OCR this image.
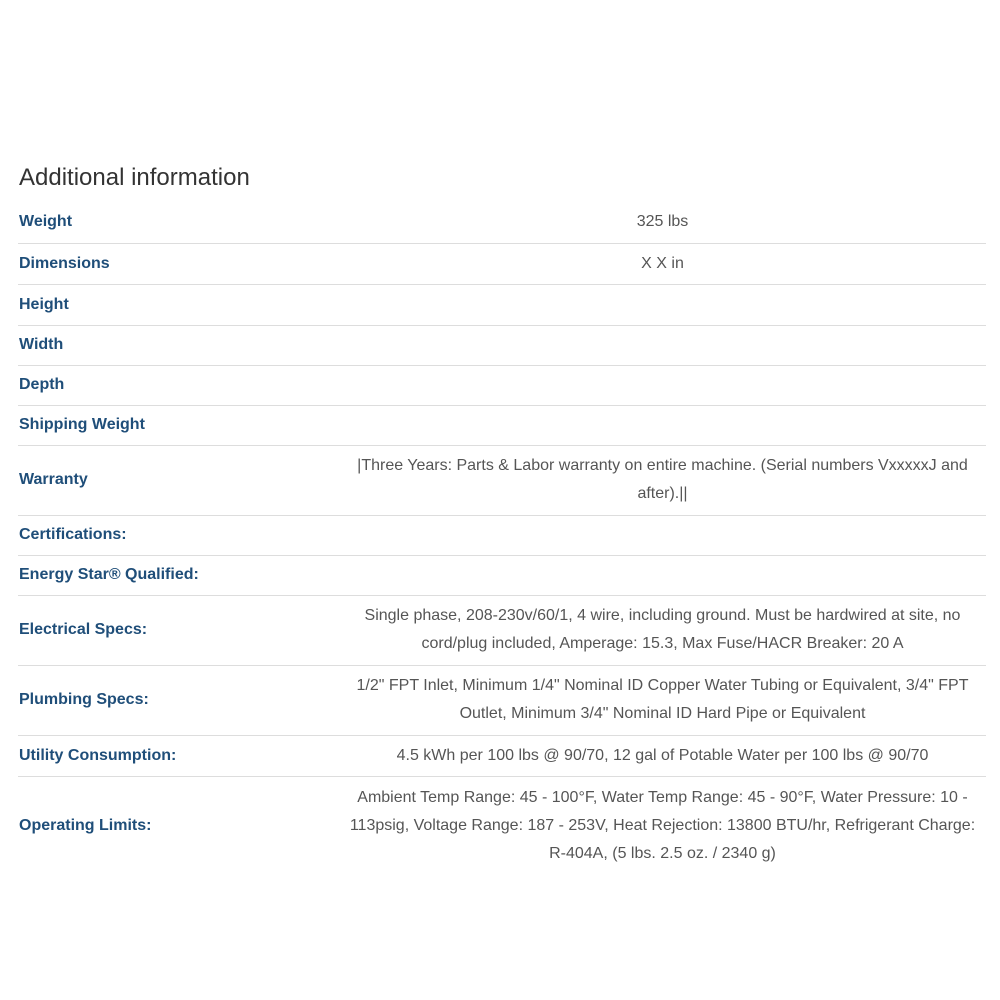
Additional information
Weight	325 lbs
Dimensions	X X in
Height	
Width	
Depth	
Shipping Weight	
Warranty	|Three Years: Parts & Labor warranty on entire machine. (Serial numbers VxxxxxJ and after).||
Certifications:	
Energy Star® Qualified:	
Electrical Specs:	Single phase, 208-230v/60/1, 4 wire, including ground. Must be hardwired at site, no cord/plug included, Amperage: 15.3, Max Fuse/HACR Breaker: 20 A
Plumbing Specs:	1/2" FPT Inlet, Minimum 1/4" Nominal ID Copper Water Tubing or Equivalent, 3/4" FPT Outlet, Minimum 3/4" Nominal ID Hard Pipe or Equivalent
Utility Consumption:	4.5 kWh per 100 lbs @ 90/70, 12 gal of Potable Water per 100 lbs @ 90/70
Operating Limits:	Ambient Temp Range: 45 - 100°F, Water Temp Range: 45 - 90°F, Water Pressure: 10 - 113psig, Voltage Range: 187 - 253V, Heat Rejection: 13800 BTU/hr, Refrigerant Charge: R-404A, (5 lbs. 2.5 oz. / 2340 g)
